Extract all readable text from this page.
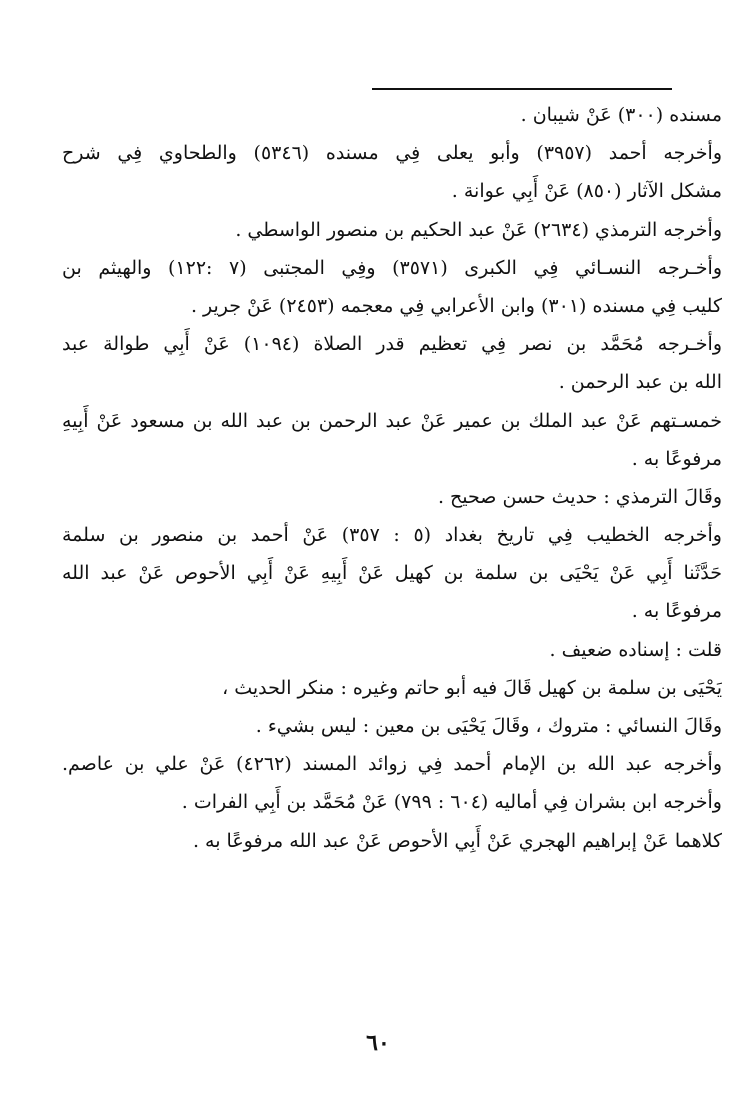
مسنده (٣٠٠) عَنْ شيبان .
وأخرجه أحمد (٣٩٥٧) وأبو يعلى فِي مسنده (٥٣٤٦) والطحاوي فِي شرح
مشكل الآثار (٨٥٠) عَنْ أَبِي عوانة .
وأخرجه الترمذي (٢٦٣٤) عَنْ عبد الحكيم بن منصور الواسطي .
وأخـرجه النسـائي فِي الكبرى (٣٥٧١) وفِي المجتبى (٧ :١٢٢) والهيثم بن
كليب فِي مسنده (٣٠١) وابن الأعرابي فِي معجمه (٢٤٥٣) عَنْ جرير .
وأخـرجه مُحَمَّد بن نصر فِي تعظيم قدر الصلاة (١٠٩٤) عَنْ أَبِي طوالة عبد
الله بن عبد الرحمن .
خمسـتهم عَنْ عبد الملك بن عمير عَنْ عبد الرحمن بن عبد الله بن مسعود عَنْ أَبِيهِ
مرفوعًا به .
وقَالَ الترمذي : حديث حسن صحيح .
وأخرجه الخطيب فِي تاريخ بغداد (٥ : ٣٥٧) عَنْ أحمد بن منصور بن سلمة
حَدَّثَنا أَبِي عَنْ يَحْيَى بن سلمة بن كهيل عَنْ أَبِيهِ عَنْ أَبِي الأحوص عَنْ عبد الله
مرفوعًا به .
قلت : إسناده ضعيف .
يَحْيَى بن سلمة بن كهيل قَالَ فيه أبو حاتم وغيره : منكر الحديث ،
وقَالَ النسائي : متروك ، وقَالَ يَحْيَى بن معين : ليس بشيء .
وأخرجه عبد الله بن الإمام أحمد فِي زوائد المسند (٤٢٦٢) عَنْ علي بن عاصم.
وأخرجه ابن بشران فِي أماليه (٦٠٤ : ٧٩٩) عَنْ مُحَمَّد بن أَبِي الفرات .
كلاهما عَنْ إبراهيم الهجري عَنْ أَبِي الأحوص عَنْ عبد الله مرفوعًا به .
٦٠
